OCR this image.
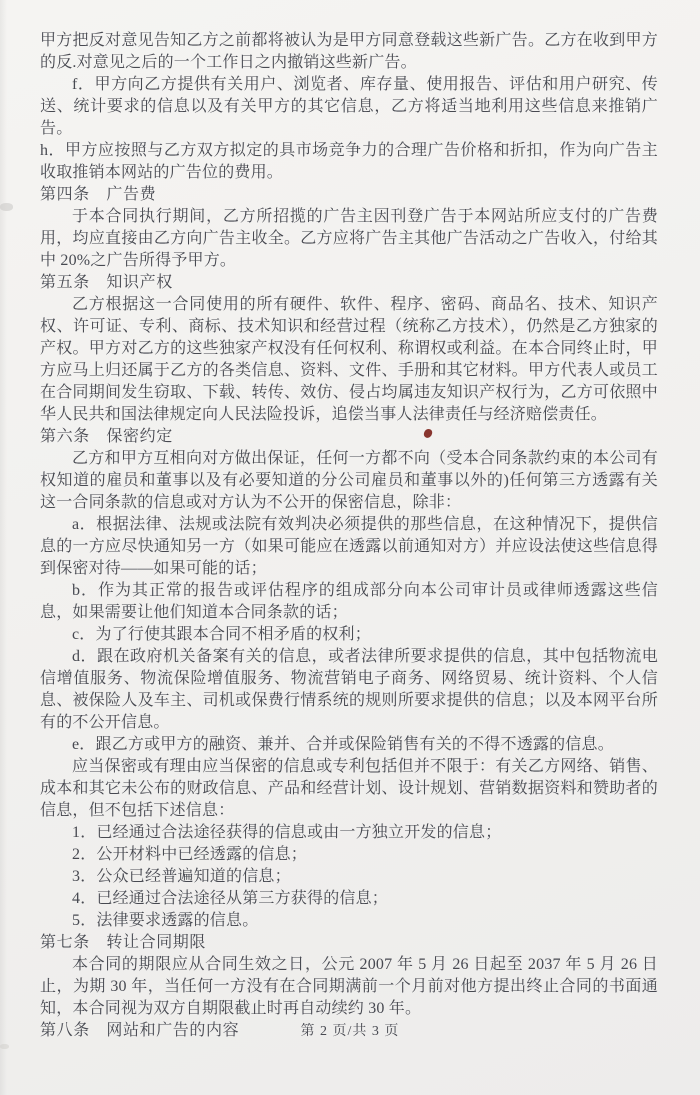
甲方把反对意见告知乙方之前都将被认为是甲方同意登载这些新广告。乙方在收到甲方的反.对意见之后的一个工作日之内撤销这些新广告。

f．甲方向乙方提供有关用户、浏览者、库存量、使用报告、评估和用户研究、传送、统计要求的信息以及有关甲方的其它信息，乙方将适当地利用这些信息来推销广告。

h．甲方应按照与乙方双方拟定的具市场竞争力的合理广告价格和折扣，作为向广告主收取推销本网站的广告位的费用。

第四条　广告费

于本合同执行期间，乙方所招揽的广告主因刊登广告于本网站所应支付的广告费用，均应直接由乙方向广告主收全。乙方应将广告主其他广告活动之广告收入，付给其中 20%之广告所得予甲方。

第五条　知识产权

乙方根据这一合同使用的所有硬件、软件、程序、密码、商品名、技术、知识产权、许可证、专利、商标、技术知识和经营过程（统称乙方技术），仍然是乙方独家的产权。甲方对乙方的这些独家产权没有任何权利、称谓权或利益。在本合同终止时，甲方应马上归还属于乙方的各类信息、资料、文件、手册和其它材料。甲方代表人或员工在合同期间发生窃取、下载、转传、效仿、侵占均属违友知识产权行为，乙方可依照中华人民共和国法律规定向人民法险投诉，追偿当事人法律责任与经济赔偿责任。

第六条　保密约定

乙方和甲方互相向对方做出保证，任何一方都不向（受本合同条款约束的本公司有权知道的雇员和董事以及有必要知道的分公司雇员和董事以外的)任何第三方透露有关这一合同条款的信息或对方认为不公开的保密信息，除非：

a．根据法律、法规或法院有效判决必须提供的那些信息，在这种情况下，提供信息的一方应尽快通知另一方（如果可能应在透露以前通知对方）并应设法使这些信息得到保密对待——如果可能的话；

b．作为其正常的报告或评估程序的组成部分向本公司审计员或律师透露这些信息，如果需要让他们知道本合同条款的话；

c．为了行使其跟本合同不相矛盾的权利；

d．跟在政府机关备案有关的信息，或者法律所要求提供的信息，其中包括物流电信增值服务、物流保险增值服务、物流营销电子商务、网络贸易、统计资料、个人信息、被保险人及车主、司机或保费行情系统的规则所要求提供的信息；以及本网平台所有的不公开信息。

e．跟乙方或甲方的融资、兼并、合并或保险销售有关的不得不透露的信息。

应当保密或有理由应当保密的信息或专利包括但并不限于：有关乙方网络、销售、成本和其它未公布的财政信息、产品和经营计划、设计规划、营销数据资料和赞助者的信息，但不包括下述信息：

1．已经通过合法途径获得的信息或由一方独立开发的信息；

2．公开材料中已经透露的信息；

3．公众已经普遍知道的信息；

4．已经通过合法途径从第三方获得的信息；

5．法律要求透露的信息。

第七条　转让合同期限

本合同的期限应从合同生效之日，公元 2007 年 5 月 26 日起至 2037 年 5 月 26 日止，为期 30 年，当任何一方没有在合同期满前一个月前对他方提出终止合同的书面通知，本合同视为双方自期限截止时再自动续约 30 年。

第八条　网站和广告的内容	第 2 页/共 3 页
